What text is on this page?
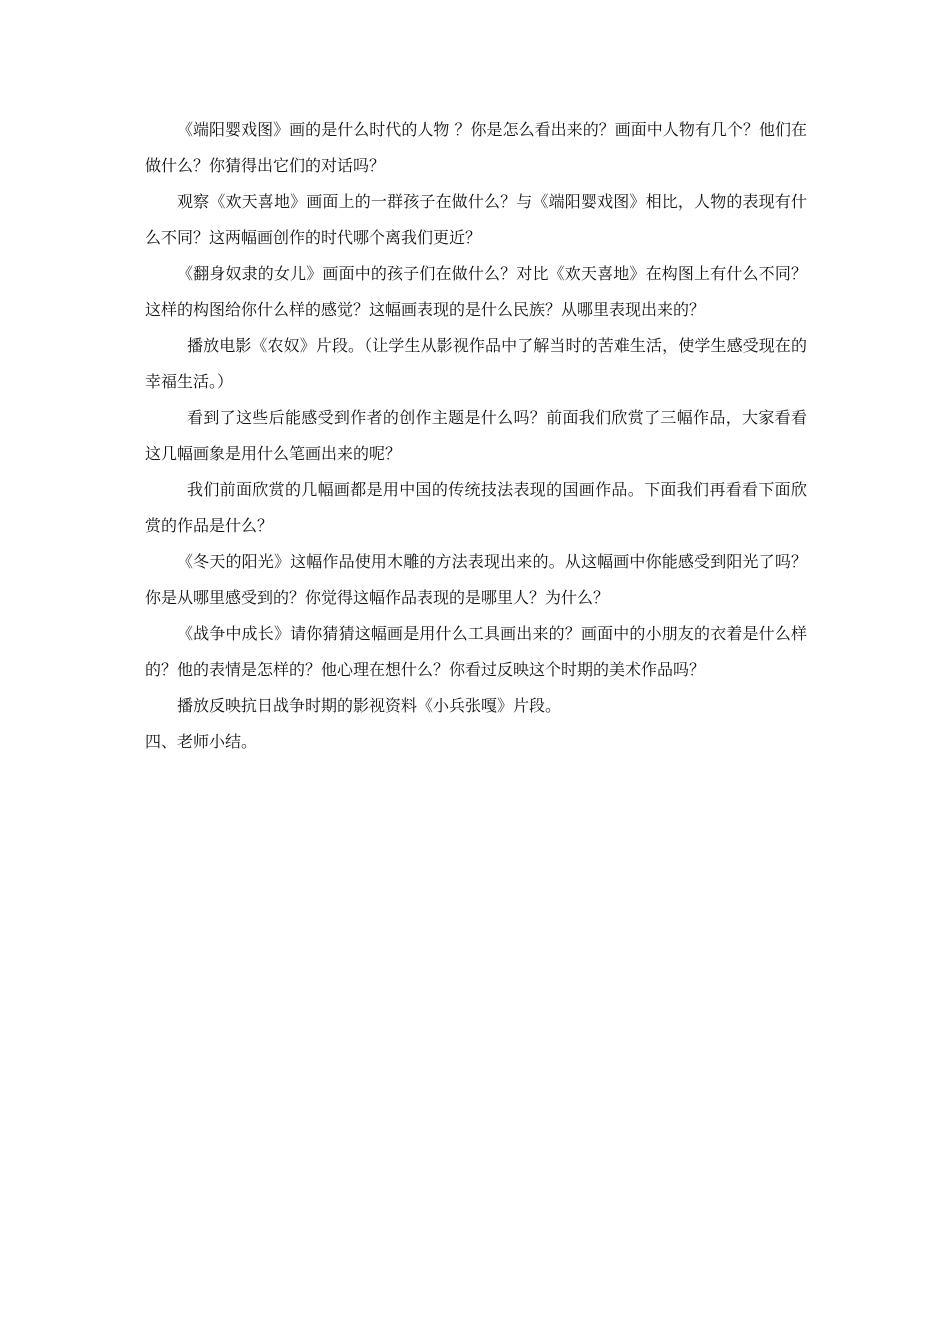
《端阳婴戏图》画的是什么时代的人物 ？你是怎么看出来的？画面中人物有几个？他们在做什么？你猜得出它们的对话吗？

观察《欢天喜地》画面上的一群孩子在做什么？与《端阳婴戏图》相比，人物的表现有什么不同？这两幅画创作的时代哪个离我们更近？

《翻身奴隶的女儿》画面中的孩子们在做什么？对比《欢天喜地》在构图上有什么不同？这样的构图给你什么样的感觉？这幅画表现的是什么民族？从哪里表现出来的？

播放电影《农奴》片段。（让学生从影视作品中了解当时的苦难生活，使学生感受现在的幸福生活。）

看到了这些后能感受到作者的创作主题是什么吗？前面我们欣赏了三幅作品，大家看看这几幅画象是用什么笔画出来的呢？

我们前面欣赏的几幅画都是用中国的传统技法表现的国画作品。下面我们再看看下面欣赏的作品是什么？

《冬天的阳光》这幅作品使用木雕的方法表现出来的。从这幅画中你能感受到阳光了吗？你是从哪里感受到的？你觉得这幅作品表现的是哪里人？为什么？

《战争中成长》请你猜猜这幅画是用什么工具画出来的？画面中的小朋友的衣着是什么样的？他的表情是怎样的？他心理在想什么？你看过反映这个时期的美术作品吗？

播放反映抗日战争时期的影视资料《小兵张嘎》片段。

四、老师小结。
